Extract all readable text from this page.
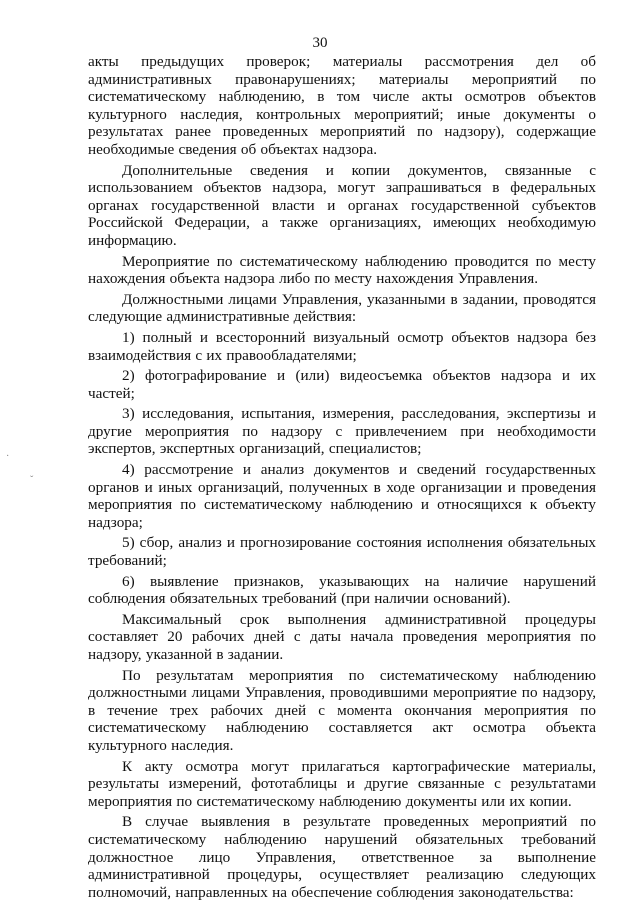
30

акты предыдущих проверок; материалы рассмотрения дел об административных правонарушениях; материалы мероприятий по систематическому наблюдению, в том числе акты осмотров объектов культурного наследия, контрольных мероприятий; иные документы о результатах ранее проведенных мероприятий по надзору), содержащие необходимые сведения об объектах надзора.

Дополнительные сведения и копии документов, связанные с использованием объектов надзора, могут запрашиваться в федеральных органах государственной власти и органах государственной субъектов Российской Федерации, а также организациях, имеющих необходимую информацию.

Мероприятие по систематическому наблюдению проводится по месту нахождения объекта надзора либо по месту нахождения Управления.

Должностными лицами Управления, указанными в задании, проводятся следующие административные действия:

1) полный и всесторонний визуальный осмотр объектов надзора без взаимодействия с их правообладателями;

2) фотографирование и (или) видеосъемка объектов надзора и их частей;

3) исследования, испытания, измерения, расследования, экспертизы и другие мероприятия по надзору с привлечением при необходимости экспертов, экспертных организаций, специалистов;

4) рассмотрение и анализ документов и сведений государственных органов и иных организаций, полученных в ходе организации и проведения мероприятия по систематическому наблюдению и относящихся к объекту надзора;

5) сбор, анализ и прогнозирование состояния исполнения обязательных требований;

6) выявление признаков, указывающих на наличие нарушений соблюдения обязательных требований (при наличии оснований).

Максимальный срок выполнения административной процедуры составляет 20 рабочих дней с даты начала проведения мероприятия по надзору, указанной в задании.

По результатам мероприятия по систематическому наблюдению должностными лицами Управления, проводившими мероприятие по надзору, в течение трех рабочих дней с момента окончания мероприятия по систематическому наблюдению составляется акт осмотра объекта культурного наследия.

К акту осмотра могут прилагаться картографические материалы, результаты измерений, фототаблицы и другие связанные с результатами мероприятия по систематическому наблюдению документы или их копии.

В случае выявления в результате проведенных мероприятий по систематическому наблюдению нарушений обязательных требований должностное лицо Управления, ответственное за выполнение административной процедуры, осуществляет реализацию следующих полномочий, направленных на обеспечение соблюдения законодательства:

·
ˇ
